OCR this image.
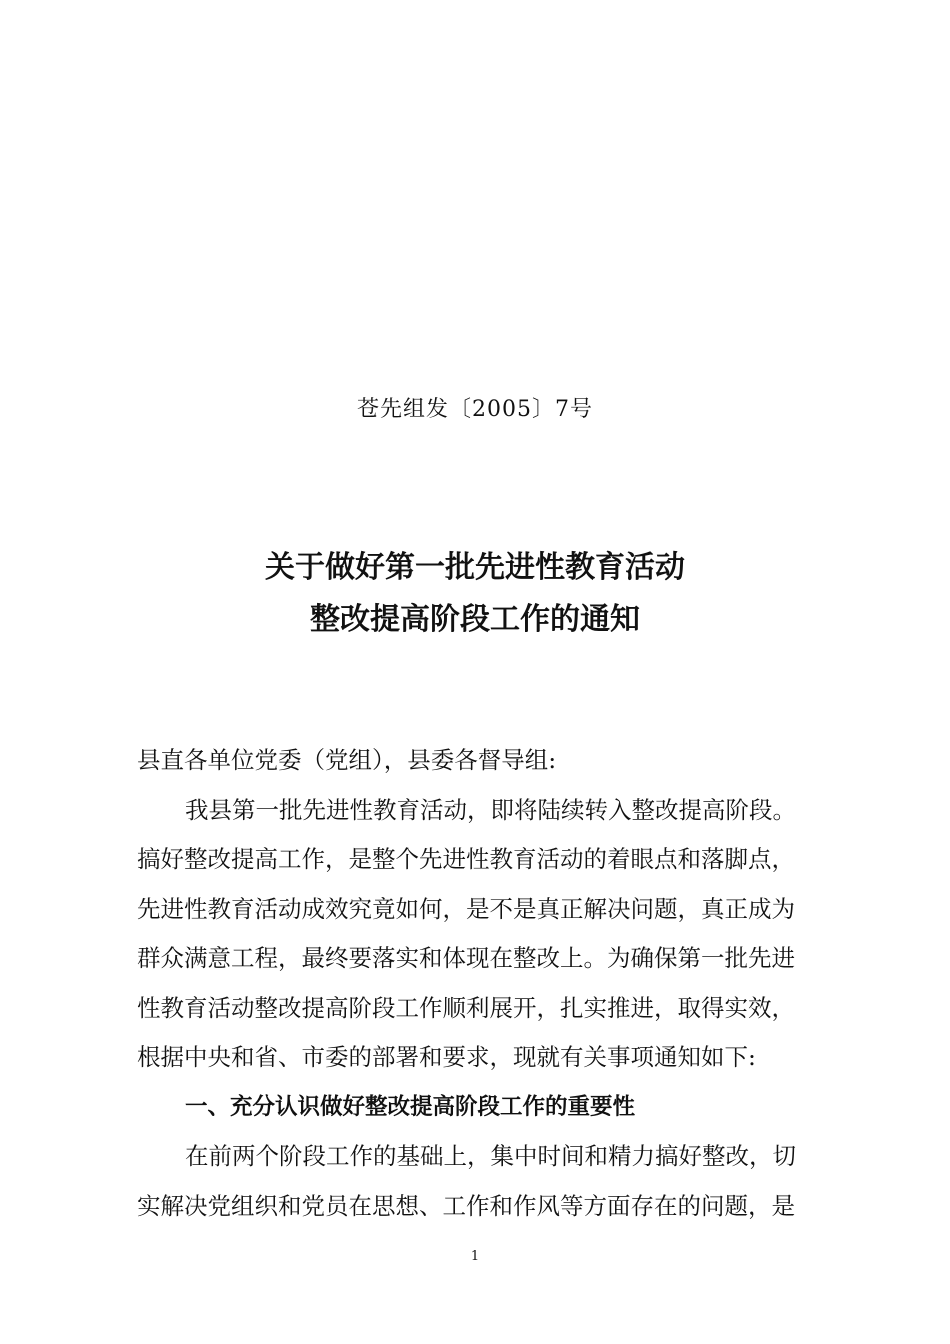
苍先组发〔2005〕7号
关于做好第一批先进性教育活动
整改提高阶段工作的通知
县直各单位党委（党组），县委各督导组:
我县第一批先进性教育活动，即将陆续转入整改提高阶段。
搞好整改提高工作，是整个先进性教育活动的着眼点和落脚点，
先进性教育活动成效究竟如何，是不是真正解决问题，真正成为
群众满意工程，最终要落实和体现在整改上。为确保第一批先进
性教育活动整改提高阶段工作顺利展开，扎实推进，取得实效，
根据中央和省、市委的部署和要求，现就有关事项通知如下:
一、充分认识做好整改提高阶段工作的重要性
在前两个阶段工作的基础上，集中时间和精力搞好整改，切
实解决党组织和党员在思想、工作和作风等方面存在的问题，是
1
